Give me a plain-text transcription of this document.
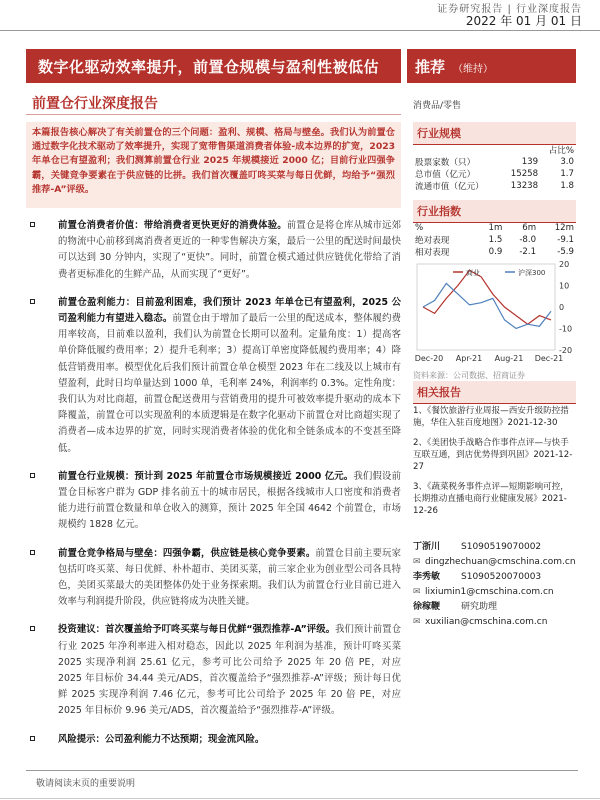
证券研究报告 | 行业深度报告
2022 年 01 月 01 日
数字化驱动效率提升，前置仓规模与盈利性被低估 推荐 （维持）
前置仓行业深度报告	消费品/零售
本篇报告核心解决了有关前置仓的三个问题：盈利、规模、格局与壁垒。我们认为前置仓通过数字化技术驱动了效率提升，实现了宽带售渠道消费者体验-成本边界的扩宽，2023 年单仓已有望盈利；我们测算前置仓行业 2025 年规模接近 2000 亿；目前行业四强争霸，关键竞争要素在于供应链的比拼。我们首次覆盖叮咚买菜与每日优鲜，均给予“强烈推荐-A”评级。
前置仓消费者价值：带给消费者更快更好的消费体验。前置仓是将仓库从城市远郊的物流中心前移到离消费者更近的一种零售解决方案，最后一公里的配送时间最快可以达到 30 分钟内，实现了“更快”。同时，前置仓模式通过供应链优化带给了消费者更标准化的生鲜产品，从而实现了“更好”。
前置仓盈利能力：目前盈利困难，我们预计 2023 年单仓已有望盈利，2025 公司盈利能力有望进入稳态。前置仓由于增加了最后一公里的配送成本，整体履约费用率较高，目前难以盈利，我们认为前置仓长期可以盈利。定量角度：1）提高客单价降低履约费用率；2）提升毛利率；3）提高订单密度降低履约费用率；4）降低营销费用率。模型优化后我们预计前置仓单仓模型 2023 年在二线及以上城市有望盈利，此时日均单量达到 1000 单，毛利率 24%，利润率约 0.3%。定性角度：我们认为对比商超，前置仓配送费用与营销费用的提升可被效率提升驱动的成本下降覆盖，前置仓可以实现盈利的本质逻辑是在数字化驱动下前置仓对比商超实现了消费者—成本边界的扩宽，同时实现消费者体验的优化和全链条成本的不变甚至降低。
前置仓行业规模：预计到 2025 年前置仓市场规模接近 2000 亿元。我们假设前置仓目标客户群为 GDP 排名前五十的城市居民，根据各线城市人口密度和消费者能力进行前置仓数量和单仓收入的测算，预计 2025 年全国 4642 个前置仓，市场规模约 1828 亿元。
前置仓竞争格局与壁垒：四强争霸，供应链是核心竞争要素。前置仓目前主要玩家包括叮咚买菜、每日优鲜、朴朴超市、美团买菜，前三家企业为创业型公司各具特色，美团买菜最大的美团整体仍处于业务探索期。我们认为前置仓行业目前已进入效率与利润提升阶段，供应链将成为决胜关键。
投资建议：首次覆盖给予叮咚买菜与每日优鲜“强烈推荐-A”评级。我们预计前置仓行业 2025 年净利率进入相对稳态，因此以 2025 年利润为基准，预计叮咚买菜 2025 实现净利润 25.61 亿元，参考可比公司给予 2025 年 20 倍 PE，对应 2025 年目标价 34.44 美元/ADS，首次覆盖给予“强烈推荐-A”评级；预计每日优鲜 2025 实现净利润 7.46 亿元，参考可比公司给予 2025 年 20 倍 PE，对应 2025 年目标价 9.96 美元/ADS，首次覆盖给予“强烈推荐-A”评级。
风险提示：公司盈利能力不达预期；现金流风险。
行业规模
		占比%
股票家数（只）	139	3.0
总市值（亿元）	15258	1.7
流通市值（亿元）	13238	1.8
行业指数
%	1m	6m	12m
绝对表现	1.5	-8.0	-9.1
相对表现	0.9	-2.1	-5.9
20
10
0
-10
-20
商业	沪深300
Dec-20 Apr-21 Aug-21 Dec-21
资料来源：公司数据、招商证券
相关报告
1、《餐饮旅游行业周报—西安升级防控措施，华住入驻百度地图》2021-12-30
2、《美团快手战略合作事件点评—与快手互联互通，到店优势得到巩固》2021-12-27
3、《蔬菜税务事件点评—短期影响可控，长期推动直播电商行业健康发展》2021-12-26
丁浙川 S1090519070002
✉ dingzhechuan@cmschina.com.cn
李秀敏 S1090520070003
✉ lixiumin1@cmschina.com.cn
徐稼鞭 研究助理
✉ xuxilian@cmschina.com.cn
敬请阅读末页的重要说明
